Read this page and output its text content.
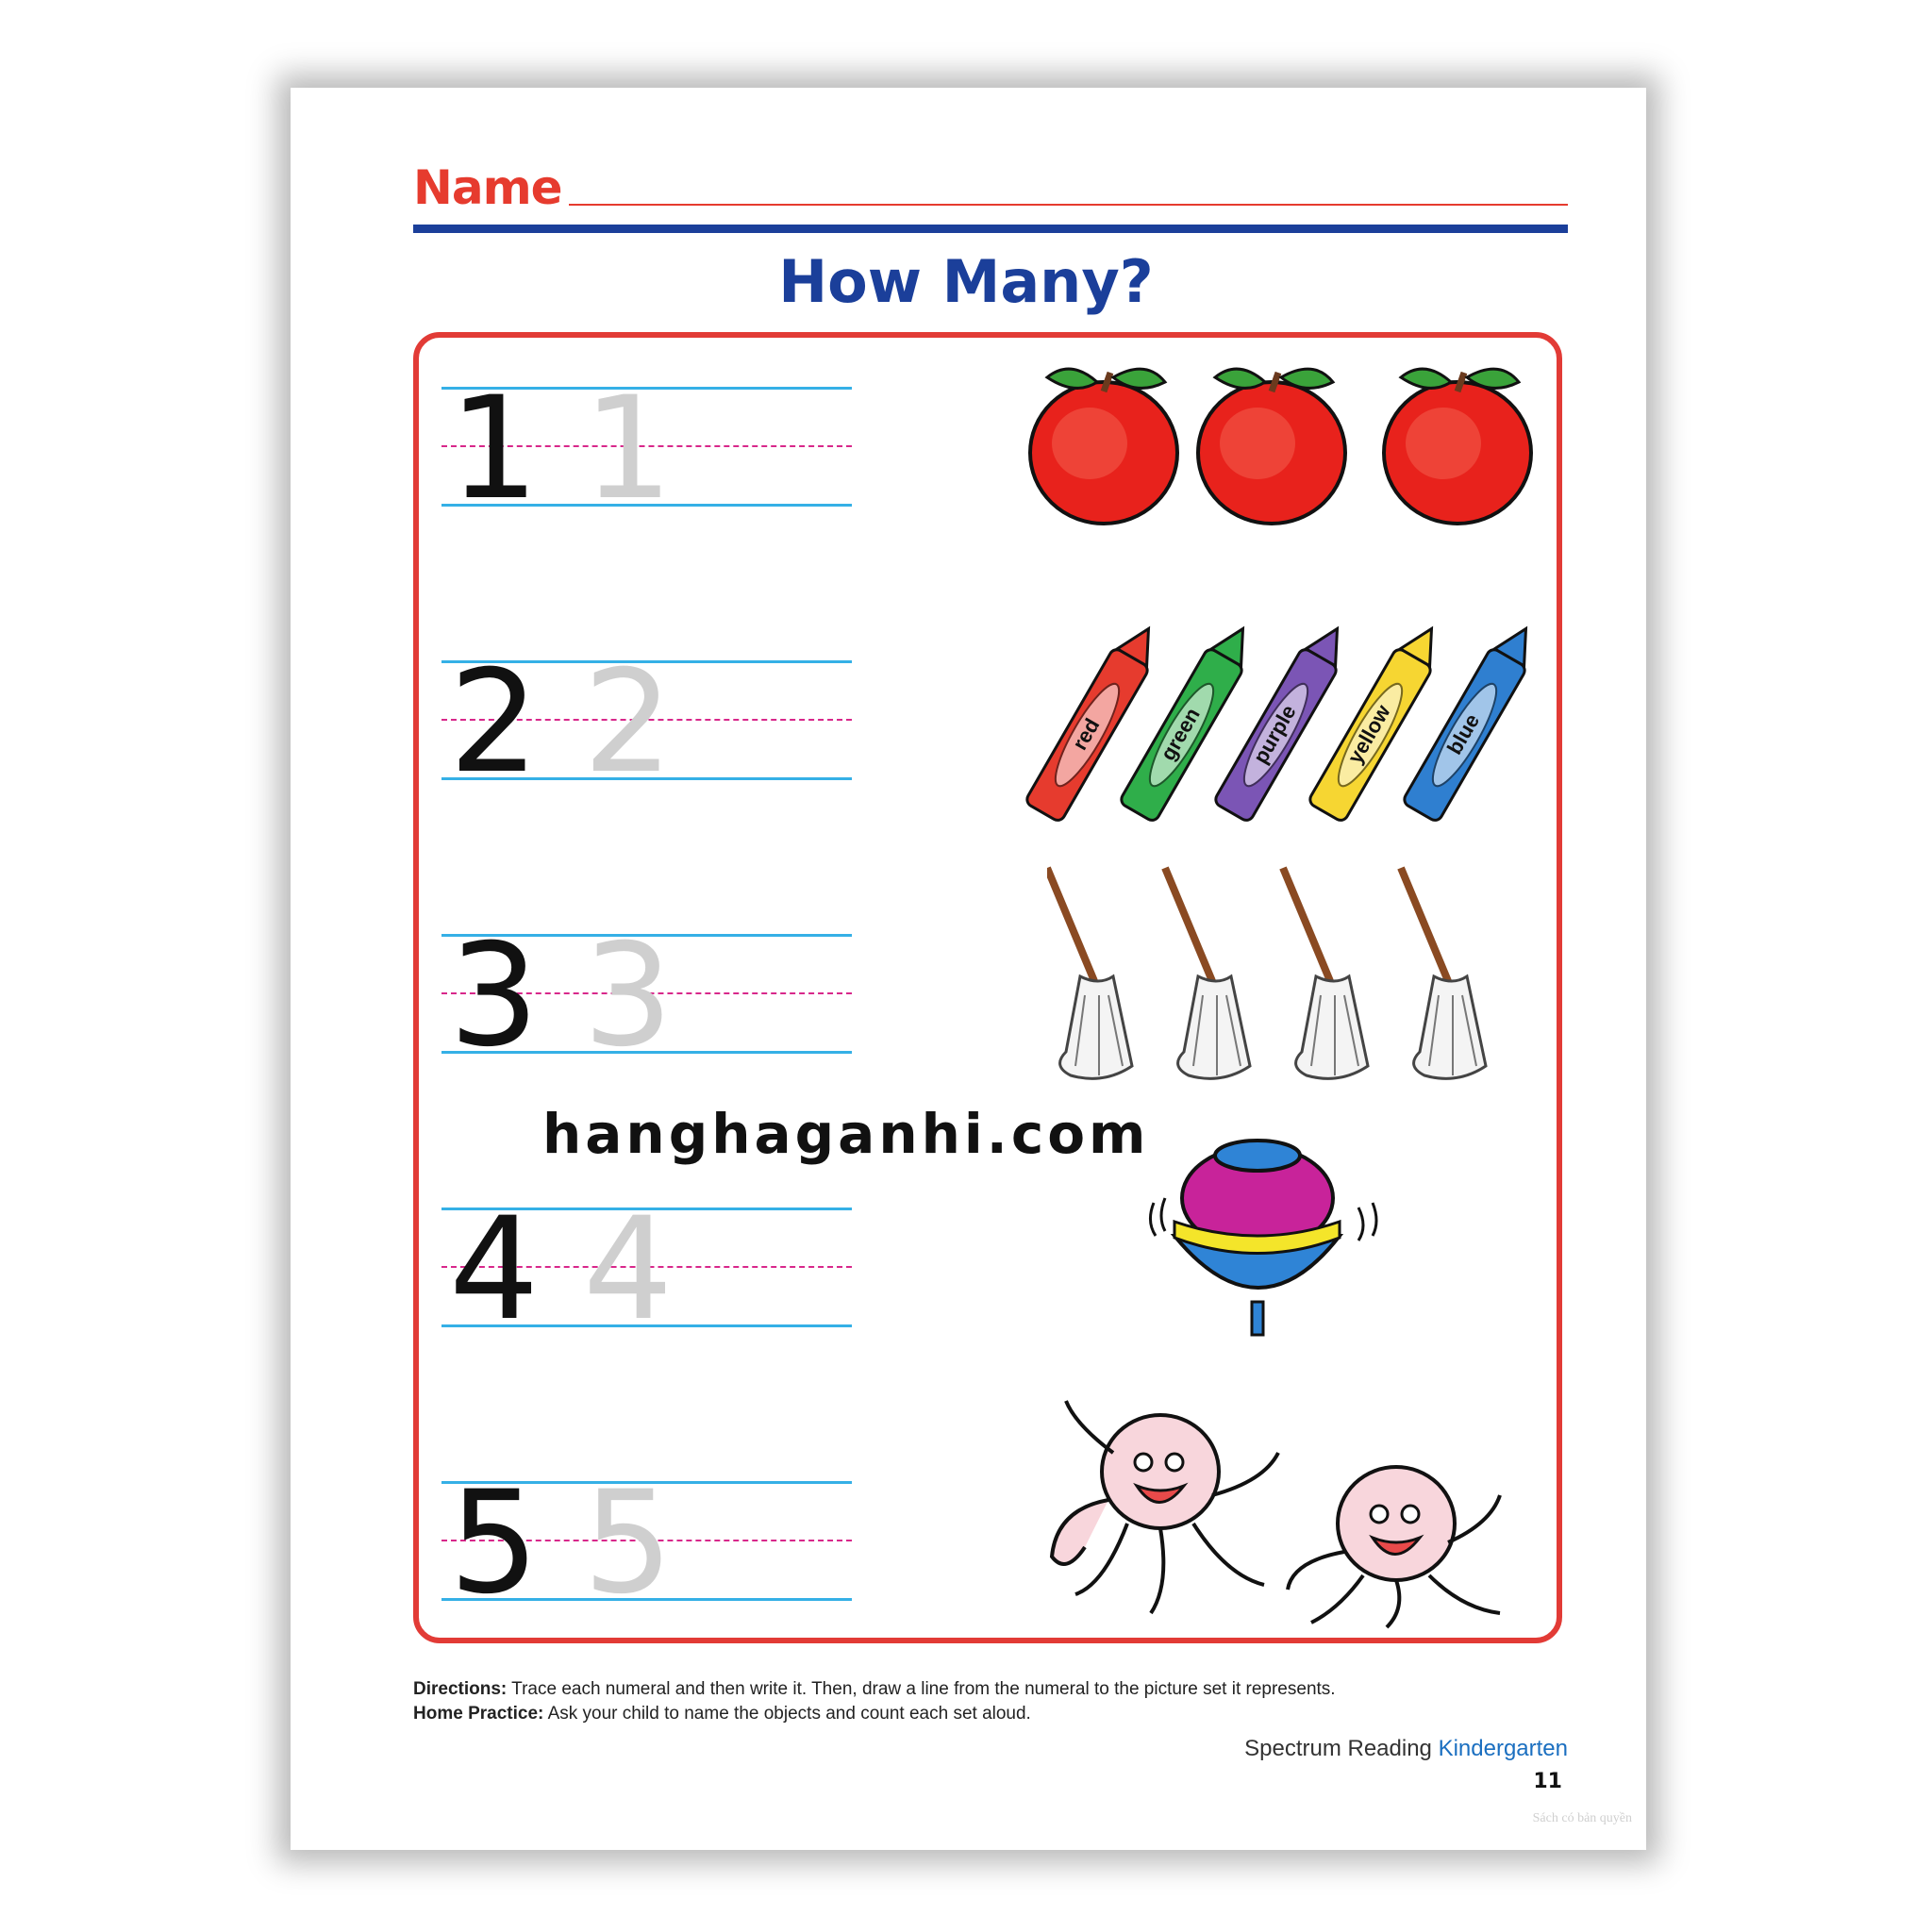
Name
How Many?
1 1
2 2
3 3
4 4
5 5
red green purple yellow blue
hanghaganhi.com
Directions: Trace each numeral and then write it. Then, draw a line from the numeral to the picture set it represents.
Home Practice: Ask your child to name the objects and count each set aloud.
Spectrum Reading Kindergarten
11
Sách có bản quyền
